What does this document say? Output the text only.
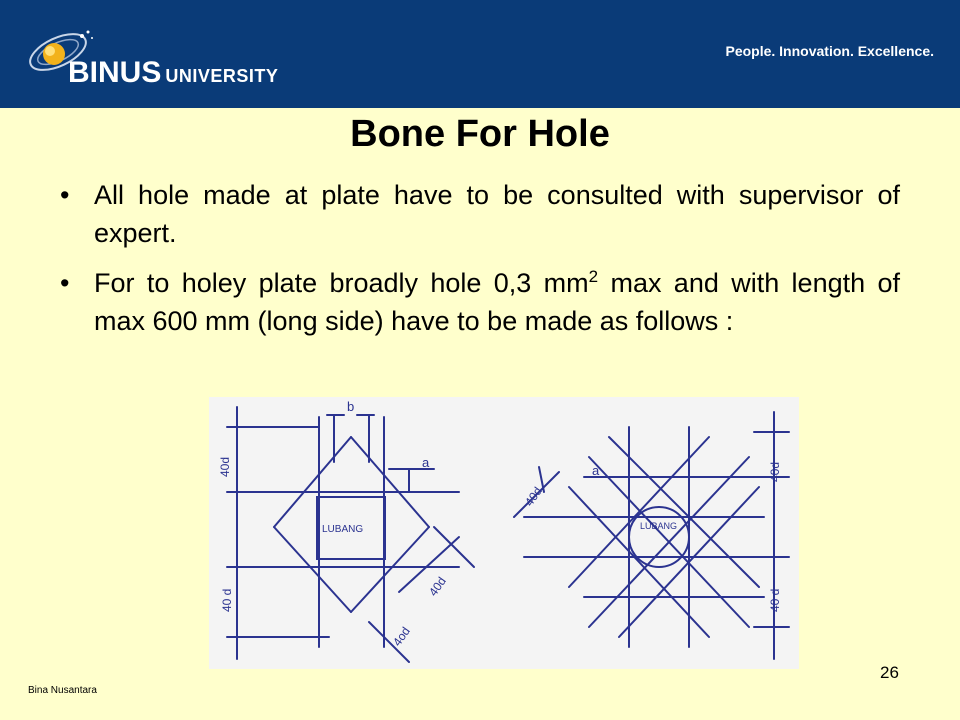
BINUS UNIVERSITY
People. Innovation. Excellence.
Bone For Hole
• All hole made at plate have to be consulted with supervisor of expert.
• For to holey plate broadly hole 0,3 $mm^2$ max and with length of max 600 mm (long side) have to be made as follows :
LUBANG	LUBANG
b
a
a
40d
40 d
40d
40d
4od
40d
40 d
Bina Nusantara
26
